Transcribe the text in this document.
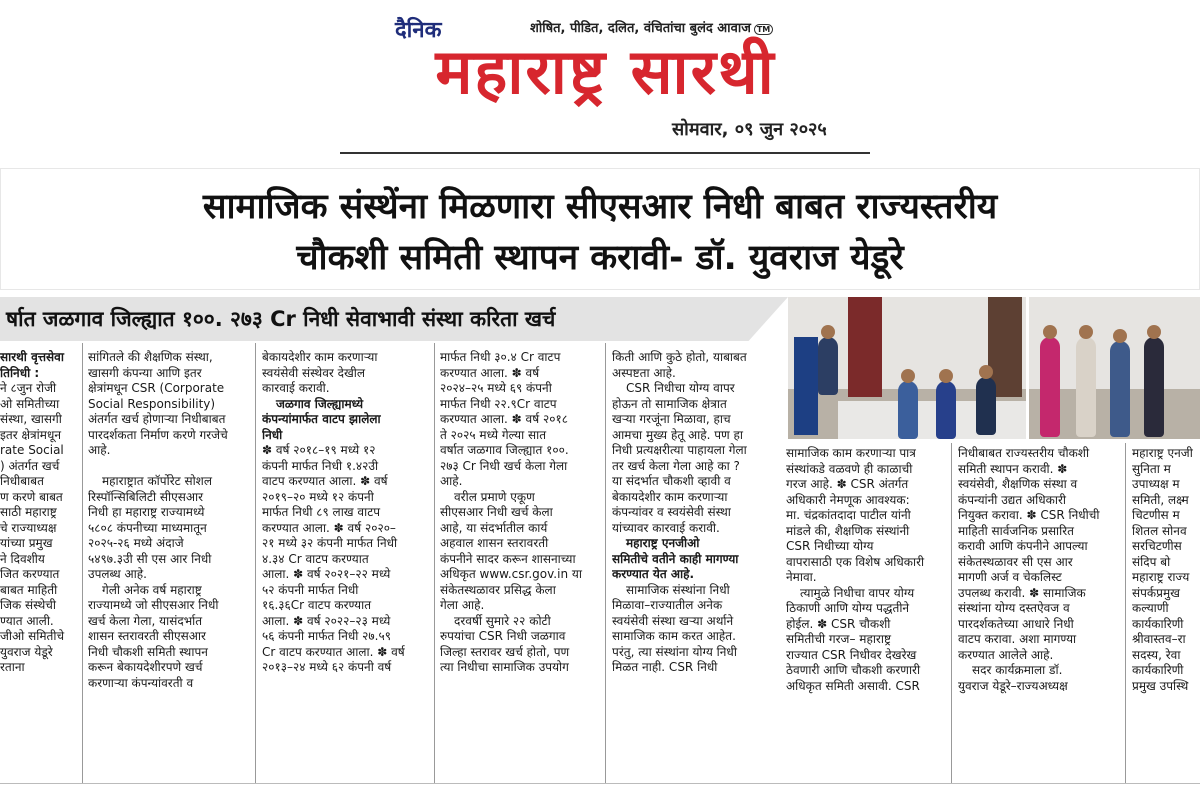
दैनिक	शोषित, पीडित, दलित, वंचितांचा बुलंद आवाज TM
महाराष्ट्र सारथी
सोमवार, ०९ जुन २०२५
सामाजिक संस्थेंना मिळणारा सीएसआर निधी बाबत राज्यस्तरीय
चौकशी समिती स्थापन करावी- डॉ. युवराज येडूरे
र्षात जळगाव जिल्ह्यात १००. २७३ Cr निधी सेवाभावी संस्था करिता खर्च

सारथी वृत्तसेवा

तिनिधी :

ने ८जुन रोजी

ओ समितीच्या

संस्था, खासगी

इतर क्षेत्रांमधून

rate Social

) अंतर्गत खर्च

निधीबाबत

ण करणे बाबत

साठी महाराष्ट्र

चे राज्याध्यक्ष

यांच्या प्रमुख

ने दिवशीय

जित करण्यात

बाबत माहिती

जिक संस्थेची

ण्यात आली.

जीओ समितीचे

युवराज येडूरे

रताना

सांगितले की शैक्षणिक संस्था,

खासगी कंपन्या आणि इतर

क्षेत्रांमधून CSR (Corporate

Social Responsibility)

अंतर्गत खर्च होणाऱ्या निधीबाबत

पारदर्शकता निर्माण करणे गरजेचे

आहे.

महाराष्ट्रात कॉर्पोरेट सोशल

रिस्पॉन्सिबिलिटी सीएसआर

निधी हा महाराष्ट्र राज्यामध्ये

५८०८ कंपनीच्या माध्यमातून

२०२५-२६ मध्ये अंदाजे

५४९७.३उी सी एस आर निधी

उपलब्ध आहे.

गेली अनेक वर्ष महाराष्ट्र

राज्यामध्ये जो सीएसआर निधी

खर्च केला गेला, यासंदर्भात

शासन स्तरावरती सीएसआर

निधी चौकशी समिती स्थापन

करून बेकायदेशीरपणे खर्च

करणाऱ्या कंपन्यांवरती व

बेकायदेशीर काम करणाऱ्या

स्वयंसेवी संस्थेवर देखील

कारवाई करावी.

जळगाव जिल्ह्यामध्ये

कंपन्यांमार्फत वाटप झालेला

निधी

✽ वर्ष २०१८–१९ मध्ये १२

कंपनी मार्फत निधी १.४२उी

वाटप करण्यात आला. ✽ वर्ष

२०१९–२० मध्ये १२ कंपनी

मार्फत निधी ८९ लाख वाटप

करण्यात आला. ✽ वर्ष २०२०–

२१ मध्ये ३२ कंपनी मार्फत निधी

४.३४ Cr वाटप करण्यात

आला. ✽ वर्ष २०२१–२२ मध्ये

५२ कंपनी मार्फत निधी

१६.३६Cr वाटप करण्यात

आला. ✽ वर्ष २०२२–२३ मध्ये

५६ कंपनी मार्फत निधी २७.५९

Cr वाटप करण्यात आला. ✽ वर्ष

२०१३–२४ मध्ये ६२ कंपनी वर्ष

मार्फत निधी ३०.४ Cr वाटप

करण्यात आला. ✽ वर्ष

२०२४–२५ मध्ये ६९ कंपनी

मार्फत निधी २२.९Cr वाटप

करण्यात आला. ✽ वर्ष २०१८

ते २०२५ मध्ये गेल्या सात

वर्षात जळगाव जिल्ह्यात १००.

२७३ Cr निधी खर्च केला गेला

आहे.

वरील प्रमाणे एकूण

सीएसआर निधी खर्च केला

आहे, या संदर्भातील कार्य

अहवाल शासन स्तरावरती

कंपनीने सादर करून शासनाच्या

अधिकृत www.csr.gov.in या

संकेतस्थळावर प्रसिद्ध केला

गेला आहे.

दरवर्षी सुमारे २२ कोटी

रुपयांचा CSR निधी जळगाव

जिल्हा स्तरावर खर्च होतो, पण

त्या निधीचा सामाजिक उपयोग

किती आणि कुठे होतो, याबाबत

अस्पष्टता आहे.

CSR निधीचा योग्य वापर

होऊन तो सामाजिक क्षेत्रात

खऱ्या गरजूंना मिळावा, हाच

आमचा मुख्य हेतू आहे. पण हा

निधी प्रत्यक्षरीत्या पाहायला गेला

तर खर्च केला गेला आहे का ?

या संदर्भात चौकशी व्हावी व

बेकायदेशीर काम करणाऱ्या

कंपन्यांवर व स्वयंसेवी संस्था

यांच्यावर कारवाई करावी.

महाराष्ट्र एनजीओ

समितीचे वतीने काही मागण्या

करण्यात येत आहे.

सामाजिक संस्थांना निधी

मिळावा–राज्यातील अनेक

स्वयंसेवी संस्था खऱ्या अर्थाने

सामाजिक काम करत आहेत.

परंतु, त्या संस्थांना योग्य निधी

मिळत नाही. CSR निधी

सामाजिक काम करणाऱ्या पात्र

संस्थांकडे वळवणे ही काळाची

गरज आहे. ✽ CSR अंतर्गत

अधिकारी नेमणूक आवश्यक:

मा. चंद्रकांतदादा पाटील यांनी

मांडले की, शैक्षणिक संस्थांनी

CSR निधीच्या योग्य

वापरासाठी एक विशेष अधिकारी

नेमावा.

त्यामुळे निधीचा वापर योग्य

ठिकाणी आणि योग्य पद्धतीने

होईल. ✽ CSR चौकशी

समितीची गरज– महाराष्ट्र

राज्यात CSR निधीवर देखरेख

ठेवणारी आणि चौकशी करणारी

अधिकृत समिती असावी. CSR

निधीबाबत राज्यस्तरीय चौकशी

समिती स्थापन करावी. ✽

स्वयंसेवी, शैक्षणिक संस्था व

कंपन्यांनी उद्यत अधिकारी

नियुक्त करावा. ✽ CSR निधीची

माहिती सार्वजनिक प्रसारित

करावी आणि कंपनीने आपल्या

संकेतस्थळावर सी एस आर

मागणी अर्ज व चेकलिस्ट

उपलब्ध करावी. ✽ सामाजिक

संस्थांना योग्य दस्तऐवज व

पारदर्शकतेच्या आधारे निधी

वाटप करावा. अशा मागण्या

करण्यात आलेले आहे.

सदर कार्यक्रमाला डॉ.

युवराज येडूरे–राज्यअध्यक्ष

महाराष्ट्र एनजी

सुनिता म

उपाध्यक्ष म

समिती, लक्ष्म

चिटणीस म

शितल सोनव

सरचिटणीस

संदिप बो

महाराष्ट्र राज्य

संपर्कप्रमुख

कल्याणी

कार्यकारिणी

श्रीवास्तव–रा

सदस्य, रेवा

कार्यकारिणी

प्रमुख उपस्थि
